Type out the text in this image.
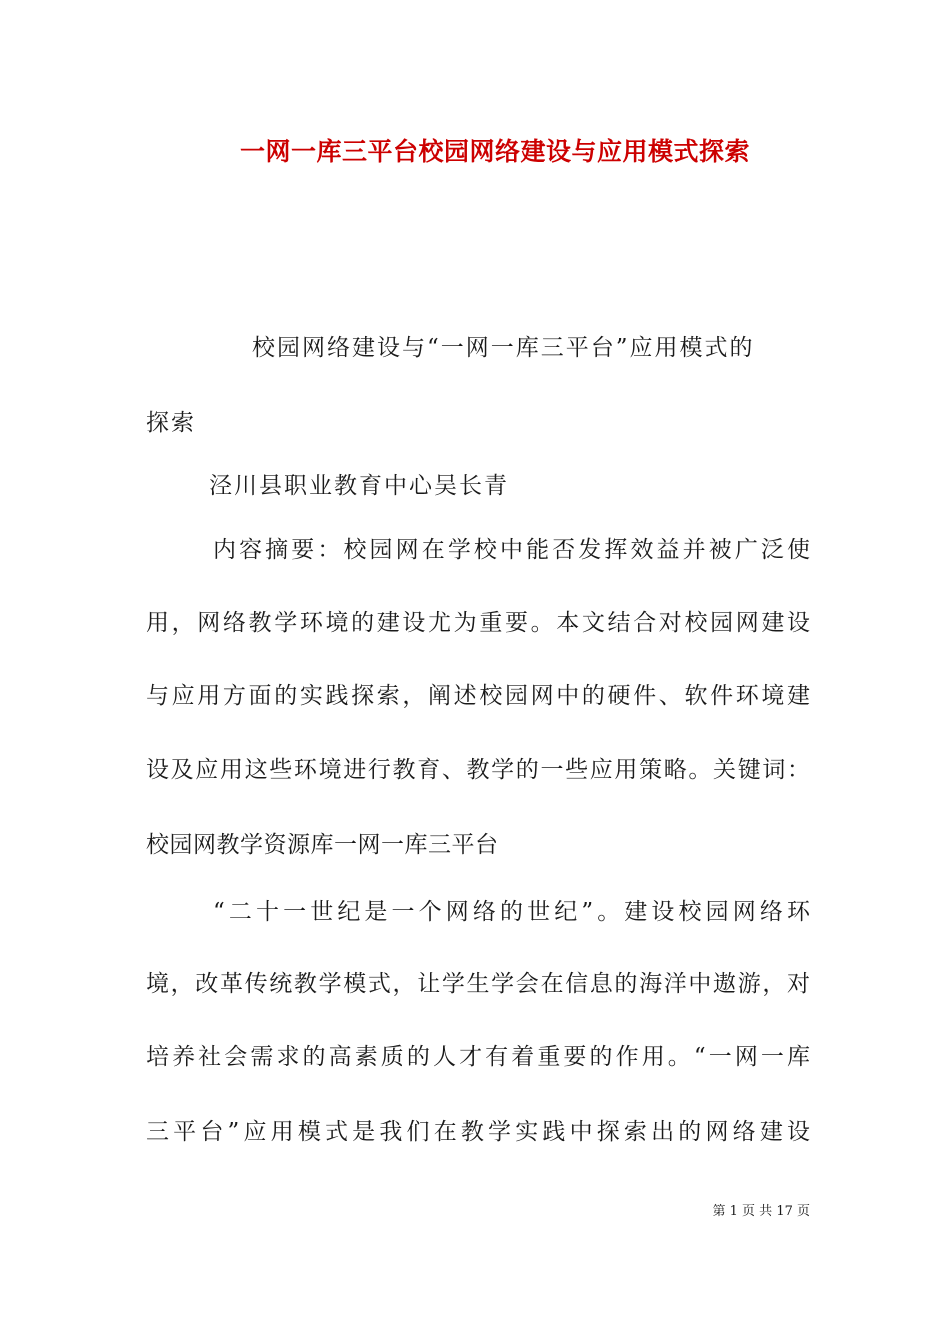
一网一库三平台校园网络建设与应用模式探索
校园网络建设与“一网一库三平台”应用模式的
探索
泾川县职业教育中心吴长青
内容摘要：校园网在学校中能否发挥效益并被广泛使
用，网络教学环境的建设尤为重要。本文结合对校园网建设
与应用方面的实践探索，阐述校园网中的硬件、软件环境建
设及应用这些环境进行教育、教学的一些应用策略。关键词：
校园网教学资源库一网一库三平台
“二十一世纪是一个网络的世纪”。建设校园网络环
境，改革传统教学模式，让学生学会在信息的海洋中遨游，对
培养社会需求的高素质的人才有着重要的作用。“一网一库
三平台”应用模式是我们在教学实践中探索出的网络建设
第 1 页 共 17 页
